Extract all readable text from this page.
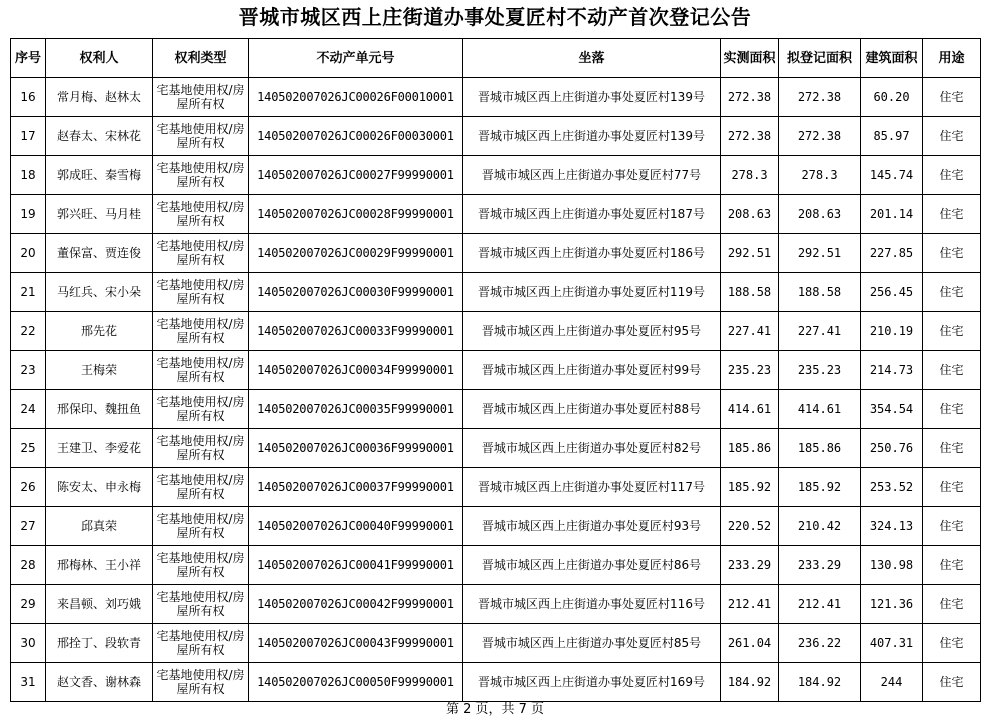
晋城市城区西上庄街道办事处夏匠村不动产首次登记公告
序号	权利人	权利类型	不动产单元号	坐落	实测面积	拟登记面积	建筑面积	用途
16	常月梅、赵林太	宅基地使用权/房屋所有权	140502007026JC00026F00010001	晋城市城区西上庄街道办事处夏匠村139号	272.38	272.38	60.20	住宅
17	赵春太、宋林花	宅基地使用权/房屋所有权	140502007026JC00026F00030001	晋城市城区西上庄街道办事处夏匠村139号	272.38	272.38	85.97	住宅
18	郭成旺、秦雪梅	宅基地使用权/房屋所有权	140502007026JC00027F99990001	晋城市城区西上庄街道办事处夏匠村77号	278.3	278.3	145.74	住宅
19	郭兴旺、马月桂	宅基地使用权/房屋所有权	140502007026JC00028F99990001	晋城市城区西上庄街道办事处夏匠村187号	208.63	208.63	201.14	住宅
20	董保富、贾连俊	宅基地使用权/房屋所有权	140502007026JC00029F99990001	晋城市城区西上庄街道办事处夏匠村186号	292.51	292.51	227.85	住宅
21	马红兵、宋小朵	宅基地使用权/房屋所有权	140502007026JC00030F99990001	晋城市城区西上庄街道办事处夏匠村119号	188.58	188.58	256.45	住宅
22	邢先花	宅基地使用权/房屋所有权	140502007026JC00033F99990001	晋城市城区西上庄街道办事处夏匠村95号	227.41	227.41	210.19	住宅
23	王梅荣	宅基地使用权/房屋所有权	140502007026JC00034F99990001	晋城市城区西上庄街道办事处夏匠村99号	235.23	235.23	214.73	住宅
24	邢保印、魏扭鱼	宅基地使用权/房屋所有权	140502007026JC00035F99990001	晋城市城区西上庄街道办事处夏匠村88号	414.61	414.61	354.54	住宅
25	王建卫、李爱花	宅基地使用权/房屋所有权	140502007026JC00036F99990001	晋城市城区西上庄街道办事处夏匠村82号	185.86	185.86	250.76	住宅
26	陈安太、申永梅	宅基地使用权/房屋所有权	140502007026JC00037F99990001	晋城市城区西上庄街道办事处夏匠村117号	185.92	185.92	253.52	住宅
27	邱真荣	宅基地使用权/房屋所有权	140502007026JC00040F99990001	晋城市城区西上庄街道办事处夏匠村93号	220.52	210.42	324.13	住宅
28	邢梅林、王小祥	宅基地使用权/房屋所有权	140502007026JC00041F99990001	晋城市城区西上庄街道办事处夏匠村86号	233.29	233.29	130.98	住宅
29	来昌顿、刘巧娥	宅基地使用权/房屋所有权	140502007026JC00042F99990001	晋城市城区西上庄街道办事处夏匠村116号	212.41	212.41	121.36	住宅
30	邢拴丁、段软青	宅基地使用权/房屋所有权	140502007026JC00043F99990001	晋城市城区西上庄街道办事处夏匠村85号	261.04	236.22	407.31	住宅
31	赵文香、谢林森	宅基地使用权/房屋所有权	140502007026JC00050F99990001	晋城市城区西上庄街道办事处夏匠村169号	184.92	184.92	244	住宅
第 2 页，共 7 页
